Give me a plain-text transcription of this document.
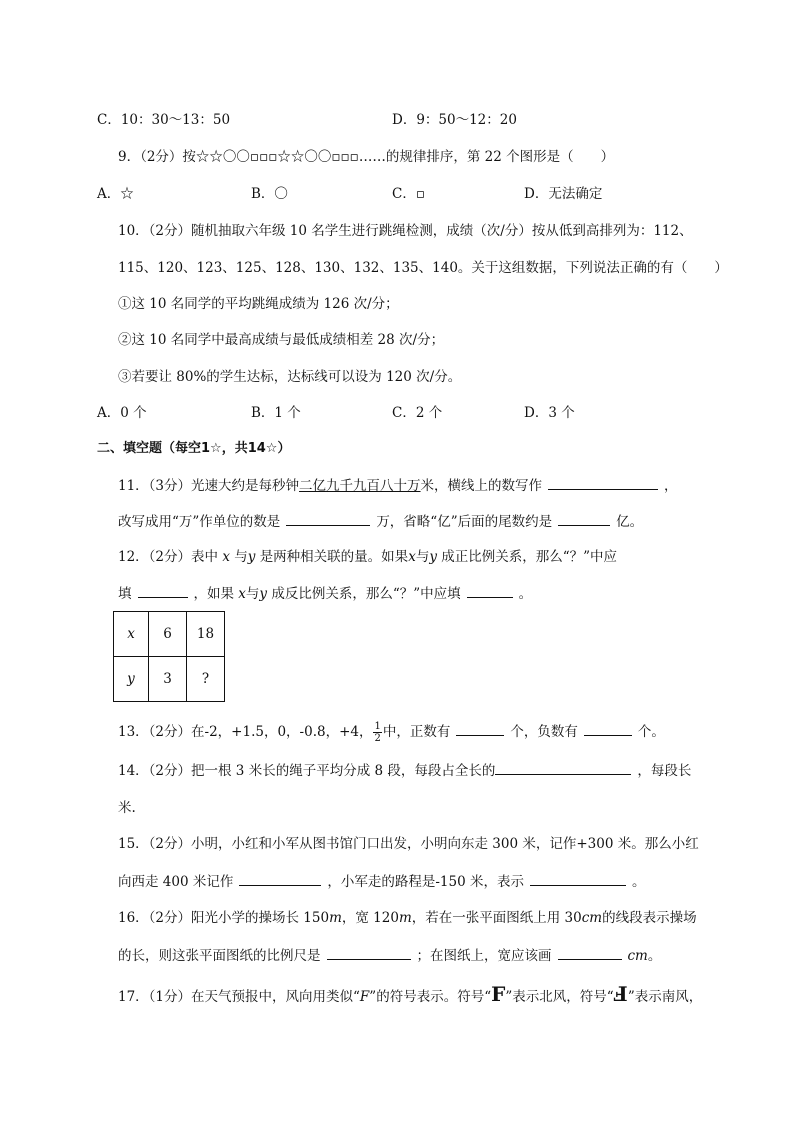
C．10：30～13：50	D．9：50～12：20
9．（2分）按☆☆〇〇▫▫▫☆☆〇〇▫▫▫……的规律排序，第 22 个图形是（　　）
A．☆	B．〇	C．▫	D．无法确定
10．（2分）随机抽取六年级 10 名学生进行跳绳检测，成绩（次/分）按从低到高排列为：112、
115、120、123、125、128、130、132、135、140。关于这组数据，下列说法正确的有（　　）
①这 10 名同学的平均跳绳成绩为 126 次/分；
②这 10 名同学中最高成绩与最低成绩相差 28 次/分；
③若要让 80%的学生达标，达标线可以设为 120 次/分。
A．0 个	B．1 个	C．2 个	D．3 个
二、填空题（每空1☆，共14☆）
11．（3分）光速大约是每秒钟二亿九千九百八十万米，横线上的数写作	，
改写成用“万”作单位的数是	万，省略“亿”后面的尾数约是	亿。
12．（2分）表中 x 与y 是两种相关联的量。如果x与y 成正比例关系，那么“？”中应
填	，如果 x与y 成反比例关系，那么“？”中应填	。
x	6	18
y	3	?
13．（2分）在-2，+1.5，0，-0.8，+4， $\frac{1}{2}$ 中，正数有	个，负数有	个。
14．（2分）把一根 3 米长的绳子平均分成 8 段，每段占全长的	，每段长
米.
15．（2分）小明，小红和小军从图书馆门口出发，小明向东走 300 米，记作+300 米。那么小红
向西走 400 米记作	，小军走的路程是-150 米，表示	。
16．（2分）阳光小学的操场长 150m，宽 120m，若在一张平面图纸上用 30cm的线段表示操场
的长，则这张平面图纸的比例尺是	；在图纸上，宽应该画	cm。
17．（1分）在天气预报中，风向用类似“F”的符号表示。符号“F”表示北风，符号“Ⅎ”表示南风，
